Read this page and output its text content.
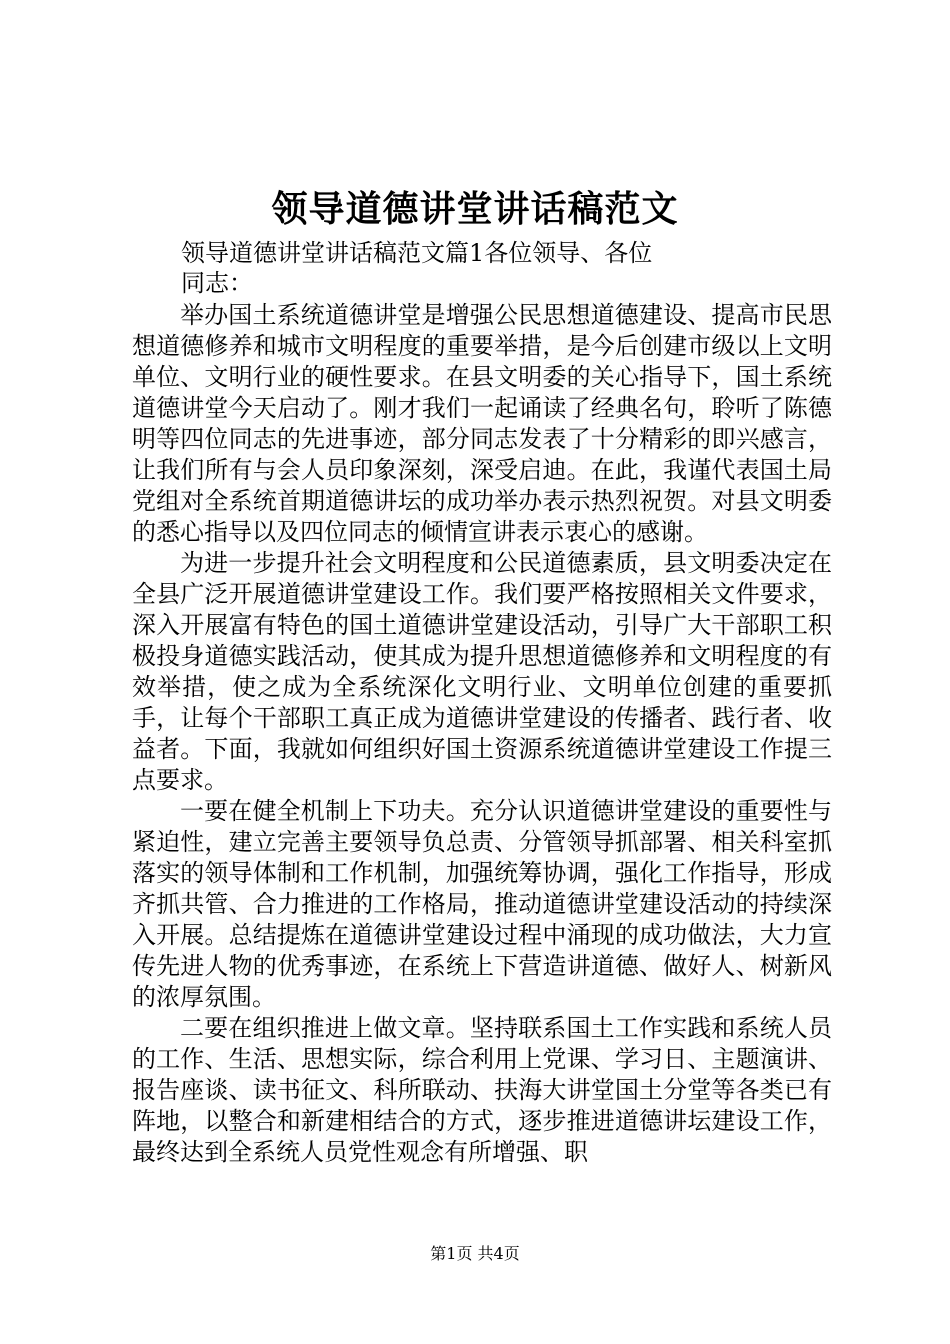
领导道德讲堂讲话稿范文
领导道德讲堂讲话稿范文篇1各位领导、各位
同志：

举办国土系统道德讲堂是增强公民思想道德建设、提高市民思想道德修养和城市文明程度的重要举措，是今后创建市级以上文明单位、文明行业的硬性要求。在县文明委的关心指导下，国土系统道德讲堂今天启动了。刚才我们一起诵读了经典名句，聆听了陈德明等四位同志的先进事迹，部分同志发表了十分精彩的即兴感言，让我们所有与会人员印象深刻，深受启迪。在此，我谨代表国土局党组对全系统首期道德讲坛的成功举办表示热烈祝贺。对县文明委的悉心指导以及四位同志的倾情宣讲表示衷心的感谢。

为进一步提升社会文明程度和公民道德素质，县文明委决定在全县广泛开展道德讲堂建设工作。我们要严格按照相关文件要求，深入开展富有特色的国土道德讲堂建设活动，引导广大干部职工积极投身道德实践活动，使其成为提升思想道德修养和文明程度的有效举措，使之成为全系统深化文明行业、文明单位创建的重要抓手，让每个干部职工真正成为道德讲堂建设的传播者、践行者、收益者。下面，我就如何组织好国土资源系统道德讲堂建设工作提三点要求。

一要在健全机制上下功夫。充分认识道德讲堂建设的重要性与紧迫性，建立完善主要领导负总责、分管领导抓部署、相关科室抓落实的领导体制和工作机制，加强统筹协调，强化工作指导，形成齐抓共管、合力推进的工作格局，推动道德讲堂建设活动的持续深入开展。总结提炼在道德讲堂建设过程中涌现的成功做法，大力宣传先进人物的优秀事迹，在系统上下营造讲道德、做好人、树新风的浓厚氛围。

二要在组织推进上做文章。坚持联系国土工作实践和系统人员的工作、生活、思想实际，综合利用上党课、学习日、主题演讲、报告座谈、读书征文、科所联动、扶海大讲堂国土分堂等各类已有阵地，以整合和新建相结合的方式，逐步推进道德讲坛建设工作，最终达到全系统人员党性观念有所增强、职

第1页 共4页
